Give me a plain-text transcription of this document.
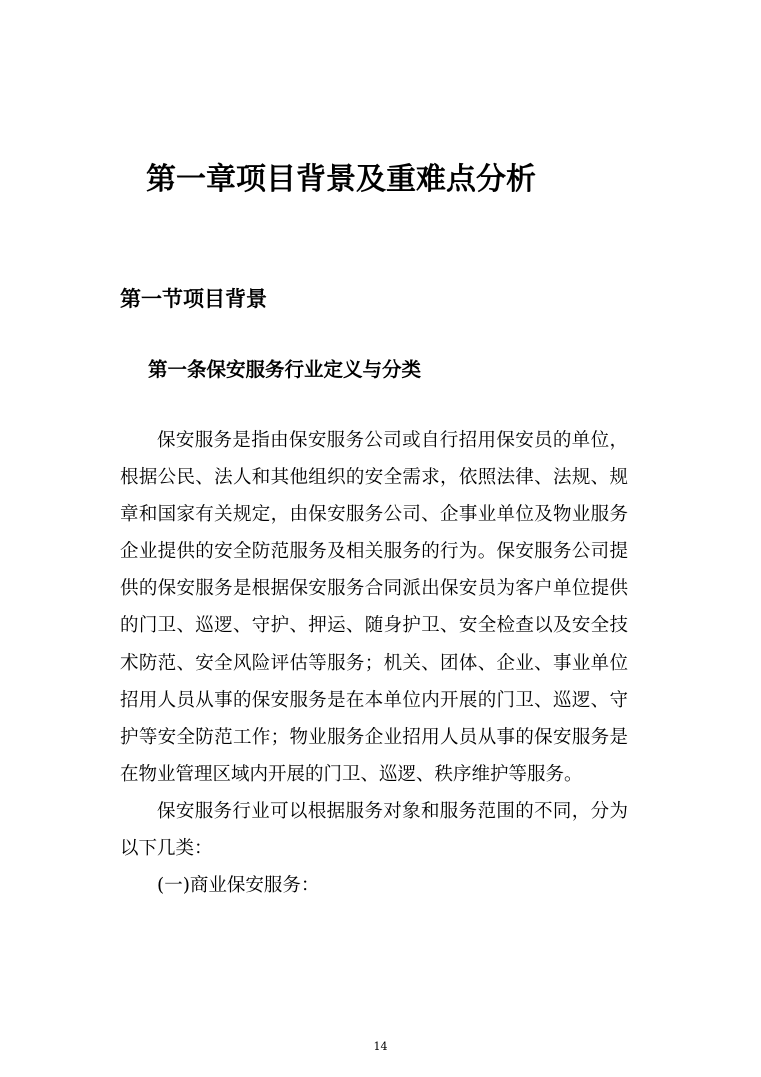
第一章项目背景及重难点分析
第一节项目背景
第一条保安服务行业定义与分类
保安服务是指由保安服务公司或自行招用保安员的单位，
根据公民、法人和其他组织的安全需求，依照法律、法规、规
章和国家有关规定，由保安服务公司、企事业单位及物业服务
企业提供的安全防范服务及相关服务的行为。保安服务公司提
供的保安服务是根据保安服务合同派出保安员为客户单位提供
的门卫、巡逻、守护、押运、随身护卫、安全检查以及安全技
术防范、安全风险评估等服务；机关、团体、企业、事业单位
招用人员从事的保安服务是在本单位内开展的门卫、巡逻、守
护等安全防范工作；物业服务企业招用人员从事的保安服务是
在物业管理区域内开展的门卫、巡逻、秩序维护等服务。
保安服务行业可以根据服务对象和服务范围的不同，分为
以下几类：
(一)商业保安服务：
14
